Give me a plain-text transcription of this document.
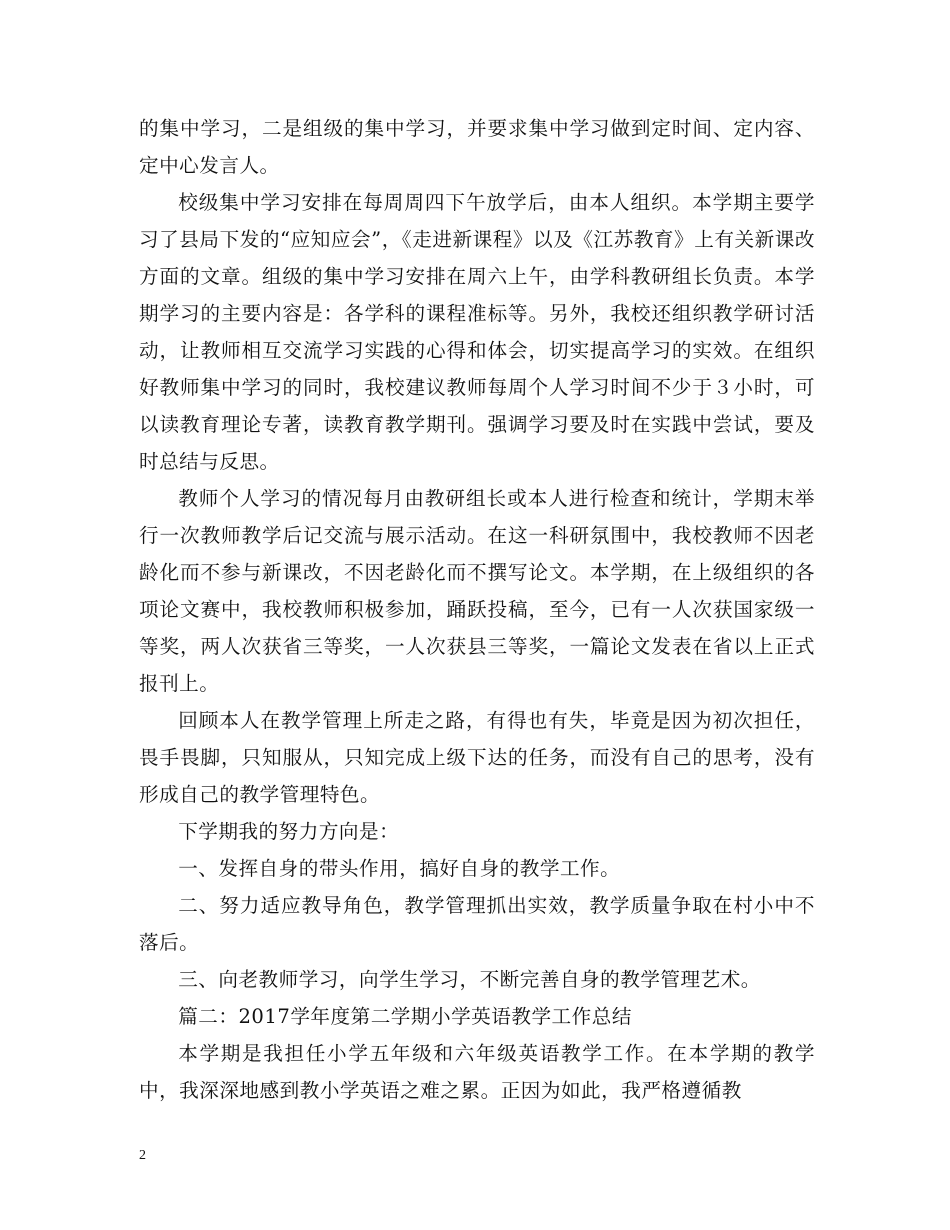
的集中学习，二是组级的集中学习，并要求集中学习做到定时间、定内容、定中心发言人。

校级集中学习安排在每周周四下午放学后，由本人组织。本学期主要学习了县局下发的“应知应会”，《走进新课程》以及《江苏教育》上有关新课改方面的文章。组级的集中学习安排在周六上午，由学科教研组长负责。本学期学习的主要内容是：各学科的课程准标等。另外，我校还组织教学研讨活动，让教师相互交流学习实践的心得和体会，切实提高学习的实效。在组织好教师集中学习的同时，我校建议教师每周个人学习时间不少于３小时，可以读教育理论专著，读教育教学期刊。强调学习要及时在实践中尝试，要及时总结与反思。

教师个人学习的情况每月由教研组长或本人进行检查和统计，学期末举行一次教师教学后记交流与展示活动。在这一科研氛围中，我校教师不因老龄化而不参与新课改，不因老龄化而不撰写论文。本学期，在上级组织的各项论文赛中，我校教师积极参加，踊跃投稿，至今，已有一人次获国家级一等奖，两人次获省三等奖，一人次获县三等奖，一篇论文发表在省以上正式报刊上。

回顾本人在教学管理上所走之路，有得也有失，毕竟是因为初次担任，畏手畏脚，只知服从，只知完成上级下达的任务，而没有自己的思考，没有形成自己的教学管理特色。

下学期我的努力方向是：

一、发挥自身的带头作用，搞好自身的教学工作。

二、努力适应教导角色，教学管理抓出实效，教学质量争取在村小中不落后。

三、向老教师学习，向学生学习，不断完善自身的教学管理艺术。

篇二：2017学年度第二学期小学英语教学工作总结

本学期是我担任小学五年级和六年级英语教学工作。在本学期的教学中，我深深地感到教小学英语之难之累。正因为如此，我严格遵循教

2
